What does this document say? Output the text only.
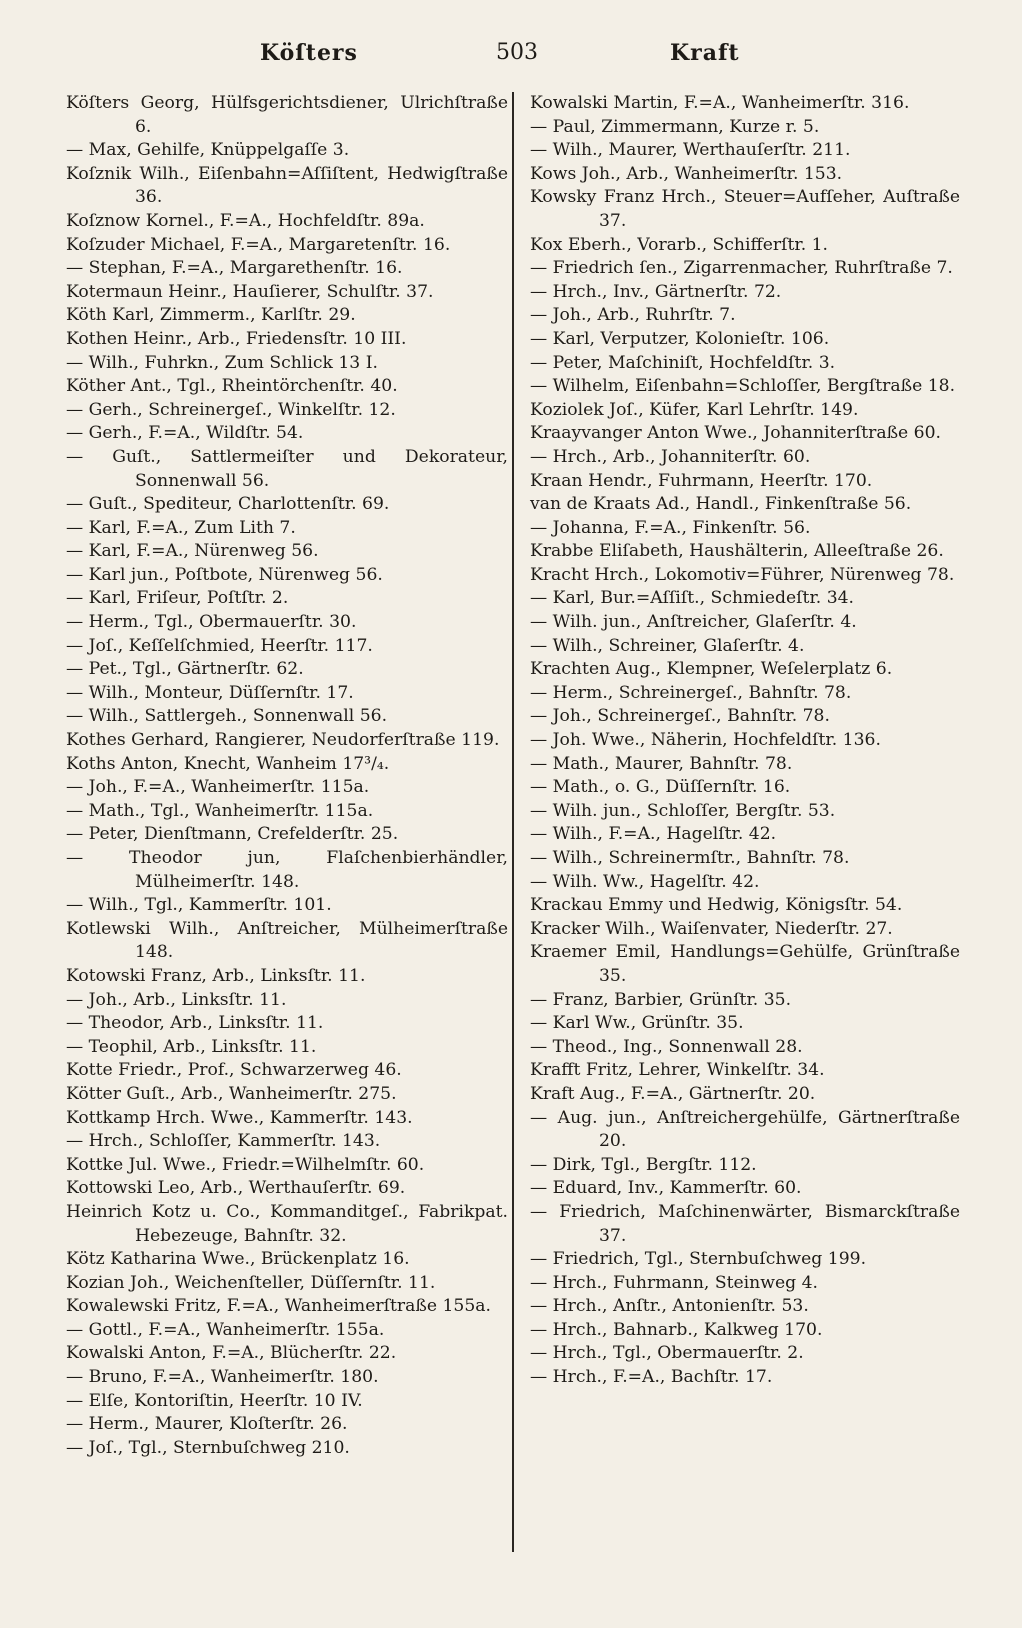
Köſters	503	Kraft

Köſters Georg, Hülfsgerichtsdiener, Ulrichſtraße 6.

— Max, Gehilfe, Knüppelgaſſe 3.

Koſznik Wilh., Eiſenbahn=Aſſiſtent, Hedwigſtraße 36.

Koſznow Kornel., F.=A., Hochfeldſtr. 89a.

Koſzuder Michael, F.=A., Margaretenſtr. 16.

— Stephan, F.=A., Margarethenſtr. 16.

Kotermaun Heinr., Hauſierer, Schulſtr. 37.

Köth Karl, Zimmerm., Karlſtr. 29.

Kothen Heinr., Arb., Friedensſtr. 10 III.

— Wilh., Fuhrkn., Zum Schlick 13 I.

Köther Ant., Tgl., Rheintörchenſtr. 40.

— Gerh., Schreinergeſ., Winkelſtr. 12.

— Gerh., F.=A., Wildſtr. 54.

— Guſt., Sattlermeiſter und Dekorateur, Sonnenwall 56.

— Guſt., Spediteur, Charlottenſtr. 69.

— Karl, F.=A., Zum Lith 7.

— Karl, F.=A., Nürenweg 56.

— Karl jun., Poſtbote, Nürenweg 56.

— Karl, Friſeur, Poſtſtr. 2.

— Herm., Tgl., Obermauerſtr. 30.

— Joſ., Keſſelſchmied, Heerſtr. 117.

— Pet., Tgl., Gärtnerſtr. 62.

— Wilh., Monteur, Düſſernſtr. 17.

— Wilh., Sattlergeh., Sonnenwall 56.

Kothes Gerhard, Rangierer, Neudorferſtraße 119.

Koths Anton, Knecht, Wanheim 17³/₄.

— Joh., F.=A., Wanheimerſtr. 115a.

— Math., Tgl., Wanheimerſtr. 115a.

— Peter, Dienſtmann, Crefelderſtr. 25.

— Theodor jun, Flaſchenbierhändler, Mülheimerſtr. 148.

— Wilh., Tgl., Kammerſtr. 101.

Kotlewski Wilh., Anſtreicher, Mülheimerſtraße 148.

Kotowski Franz, Arb., Linksſtr. 11.

— Joh., Arb., Linksſtr. 11.

— Theodor, Arb., Linksſtr. 11.

— Teophil, Arb., Linksſtr. 11.

Kotte Friedr., Prof., Schwarzerweg 46.

Kötter Guſt., Arb., Wanheimerſtr. 275.

Kottkamp Hrch. Wwe., Kammerſtr. 143.

— Hrch., Schloſſer, Kammerſtr. 143.

Kottke Jul. Wwe., Friedr.=Wilhelmſtr. 60.

Kottowski Leo, Arb., Werthauſerſtr. 69.

Heinrich Kotz u. Co., Kommanditgeſ., Fabrikpat. Hebezeuge, Bahnſtr. 32.

Kötz Katharina Wwe., Brückenplatz 16.

Kozian Joh., Weichenſteller, Düſſernſtr. 11.

Kowalewski Fritz, F.=A., Wanheimerſtraße 155a.

— Gottl., F.=A., Wanheimerſtr. 155a.

Kowalski Anton, F.=A., Blücherſtr. 22.

— Bruno, F.=A., Wanheimerſtr. 180.

— Elſe, Kontoriſtin, Heerſtr. 10 IV.

— Herm., Maurer, Kloſterſtr. 26.

— Joſ., Tgl., Sternbuſchweg 210.

Kowalski Martin, F.=A., Wanheimerſtr. 316.

— Paul, Zimmermann, Kurze r. 5.

— Wilh., Maurer, Werthauſerſtr. 211.

Kows Joh., Arb., Wanheimerſtr. 153.

Kowsky Franz Hrch., Steuer=Aufſeher, Auſtraße 37.

Kox Eberh., Vorarb., Schifferſtr. 1.

— Friedrich ſen., Zigarrenmacher, Ruhrſtraße 7.

— Hrch., Inv., Gärtnerſtr. 72.

— Joh., Arb., Ruhrſtr. 7.

— Karl, Verputzer, Kolonieſtr. 106.

— Peter, Maſchiniſt, Hochfeldſtr. 3.

— Wilhelm, Eiſenbahn=Schloſſer, Bergſtraße 18.

Koziolek Joſ., Küfer, Karl Lehrſtr. 149.

Kraayvanger Anton Wwe., Johanniterſtraße 60.

— Hrch., Arb., Johanniterſtr. 60.

Kraan Hendr., Fuhrmann, Heerſtr. 170.

van de Kraats Ad., Handl., Finkenſtraße 56.

— Johanna, F.=A., Finkenſtr. 56.

Krabbe Eliſabeth, Haushälterin, Alleeſtraße 26.

Kracht Hrch., Lokomotiv=Führer, Nürenweg 78.

— Karl, Bur.=Aſſiſt., Schmiedeſtr. 34.

— Wilh. jun., Anſtreicher, Glaſerſtr. 4.

— Wilh., Schreiner, Glaſerſtr. 4.

Krachten Aug., Klempner, Weſelerplatz 6.

— Herm., Schreinergeſ., Bahnſtr. 78.

— Joh., Schreinergeſ., Bahnſtr. 78.

— Joh. Wwe., Näherin, Hochfeldſtr. 136.

— Math., Maurer, Bahnſtr. 78.

— Math., o. G., Düſſernſtr. 16.

— Wilh. jun., Schloſſer, Bergſtr. 53.

— Wilh., F.=A., Hagelſtr. 42.

— Wilh., Schreinermſtr., Bahnſtr. 78.

— Wilh. Ww., Hagelſtr. 42.

Krackau Emmy und Hedwig, Königsſtr. 54.

Kracker Wilh., Waiſenvater, Niederſtr. 27.

Kraemer Emil, Handlungs=Gehülfe, Grünſtraße 35.

— Franz, Barbier, Grünſtr. 35.

— Karl Ww., Grünſtr. 35.

— Theod., Ing., Sonnenwall 28.

Krafft Fritz, Lehrer, Winkelſtr. 34.

Kraft Aug., F.=A., Gärtnerſtr. 20.

— Aug. jun., Anſtreichergehülfe, Gärtnerſtraße 20.

— Dirk, Tgl., Bergſtr. 112.

— Eduard, Inv., Kammerſtr. 60.

— Friedrich, Maſchinenwärter, Bismarckſtraße 37.

— Friedrich, Tgl., Sternbuſchweg 199.

— Hrch., Fuhrmann, Steinweg 4.

— Hrch., Anſtr., Antonienſtr. 53.

— Hrch., Bahnarb., Kalkweg 170.

— Hrch., Tgl., Obermauerſtr. 2.

— Hrch., F.=A., Bachſtr. 17.
